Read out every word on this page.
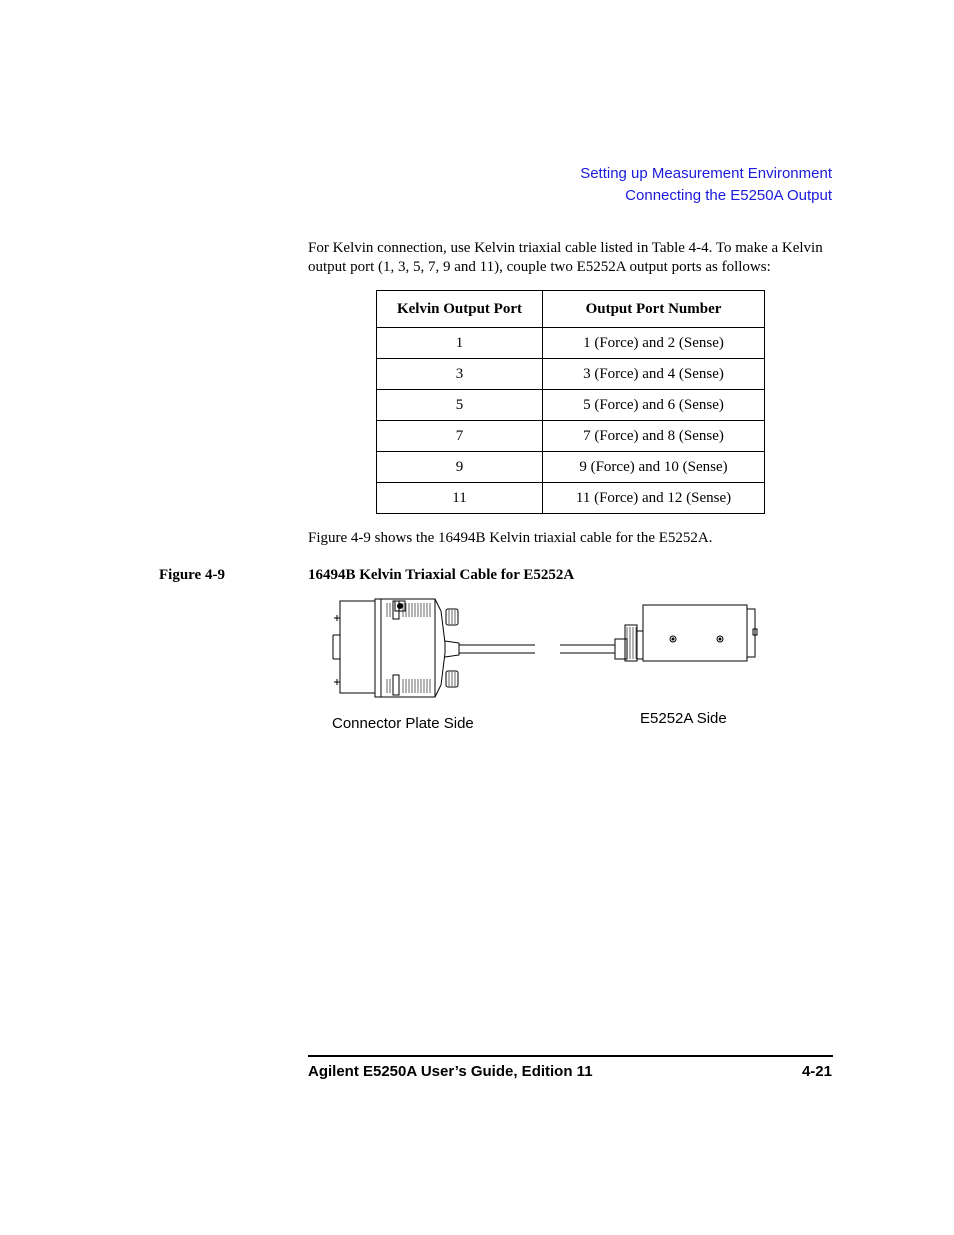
Setting up Measurement Environment
Connecting the E5250A Output
For Kelvin connection, use Kelvin triaxial cable listed in Table 4-4. To make a Kelvin output port (1, 3, 5, 7, 9 and 11), couple two E5252A output ports as follows:
Kelvin Output Port	Output Port Number
1	1 (Force) and 2 (Sense)
3	3 (Force) and 4 (Sense)
5	5 (Force) and 6 (Sense)
7	7 (Force) and 8 (Sense)
9	9 (Force) and 10 (Sense)
11	11 (Force) and 12 (Sense)
Figure 4-9 shows the 16494B Kelvin triaxial cable for the E5252A.
Figure 4-9	16494B Kelvin Triaxial Cable for E5252A
Connector Plate Side	E5252A Side
Agilent E5250A User’s Guide, Edition 11	4-21
